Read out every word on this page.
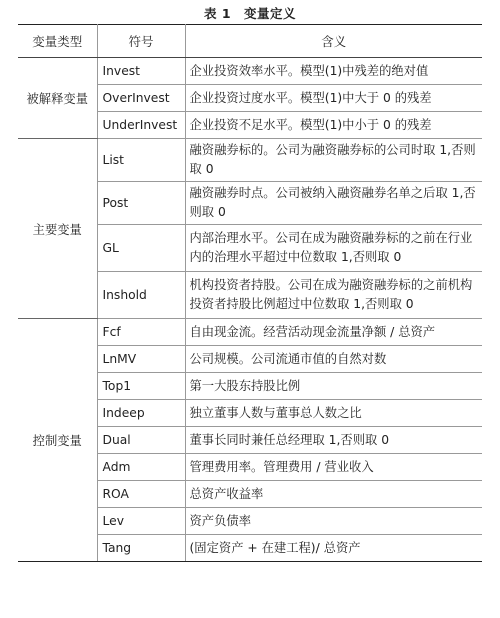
表 1　变量定义
变量类型	符号	含义
被解释变量	Invest	企业投资效率水平。模型(1)中残差的绝对值
	OverInvest	企业投资过度水平。模型(1)中大于 0 的残差
	UnderInvest	企业投资不足水平。模型(1)中小于 0 的残差
主要变量	List	融资融券标的。公司为融资融券标的公司时取 1,否则取 0
	Post	融资融券时点。公司被纳入融资融券名单之后取 1,否则取 0
	GL	内部治理水平。公司在成为融资融券标的之前在行业内的治理水平超过中位数取 1,否则取 0
	Inshold	机构投资者持股。公司在成为融资融券标的之前机构投资者持股比例超过中位数取 1,否则取 0
控制变量	Fcf	自由现金流。经营活动现金流量净额 / 总资产
	LnMV	公司规模。公司流通市值的自然对数
	Top1	第一大股东持股比例
	Indeep	独立董事人数与董事总人数之比
	Dual	董事长同时兼任总经理取 1,否则取 0
	Adm	管理费用率。管理费用 / 营业收入
	ROA	总资产收益率
	Lev	资产负债率
	Tang	(固定资产 + 在建工程)/ 总资产
